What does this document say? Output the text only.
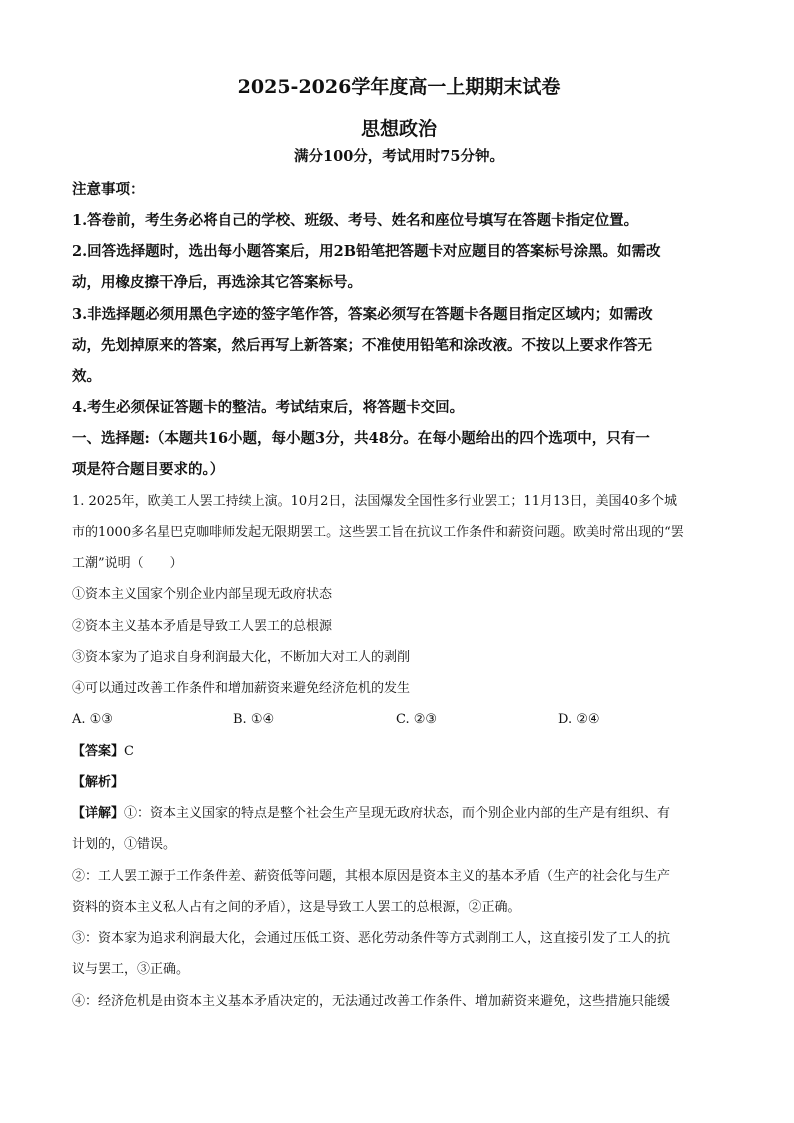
2025-2026学年度高一上期期末试卷
思想政治
满分100分，考试用时75分钟。
注意事项：
1.答卷前，考生务必将自己的学校、班级、考号、姓名和座位号填写在答题卡指定位置。
2.回答选择题时，选出每小题答案后，用2B铅笔把答题卡对应题目的答案标号涂黑。如需改
动，用橡皮擦干净后，再选涂其它答案标号。
3.非选择题必须用黑色字迹的签字笔作答，答案必须写在答题卡各题目指定区域内；如需改
动，先划掉原来的答案，然后再写上新答案；不准使用铅笔和涂改液。不按以上要求作答无
效。
4.考生必须保证答题卡的整洁。考试结束后，将答题卡交回。
一、选择题:（本题共16小题，每小题3分，共48分。在每小题给出的四个选项中，只有一
项是符合题目要求的。）
1. 2025年，欧美工人罢工持续上演。10月2日，法国爆发全国性多行业罢工；11月13日，美国40多个城
市的1000多名星巴克咖啡师发起无限期罢工。这些罢工旨在抗议工作条件和薪资问题。欧美时常出现的“罢
工潮”说明（　　）
①资本主义国家个别企业内部呈现无政府状态
②资本主义基本矛盾是导致工人罢工的总根源
③资本家为了追求自身利润最大化，不断加大对工人的剥削
④可以通过改善工作条件和增加薪资来避免经济危机的发生
A. ①③	B. ①④	C. ②③	D. ②④
【答案】C
【解析】
【详解】①：资本主义国家的特点是整个社会生产呈现无政府状态，而个别企业内部的生产是有组织、有
计划的，①错误。
②：工人罢工源于工作条件差、薪资低等问题，其根本原因是资本主义的基本矛盾（生产的社会化与生产
资料的资本主义私人占有之间的矛盾），这是导致工人罢工的总根源，②正确。
③：资本家为追求利润最大化，会通过压低工资、恶化劳动条件等方式剥削工人，这直接引发了工人的抗
议与罢工，③正确。
④：经济危机是由资本主义基本矛盾决定的，无法通过改善工作条件、增加薪资来避免，这些措施只能缓
